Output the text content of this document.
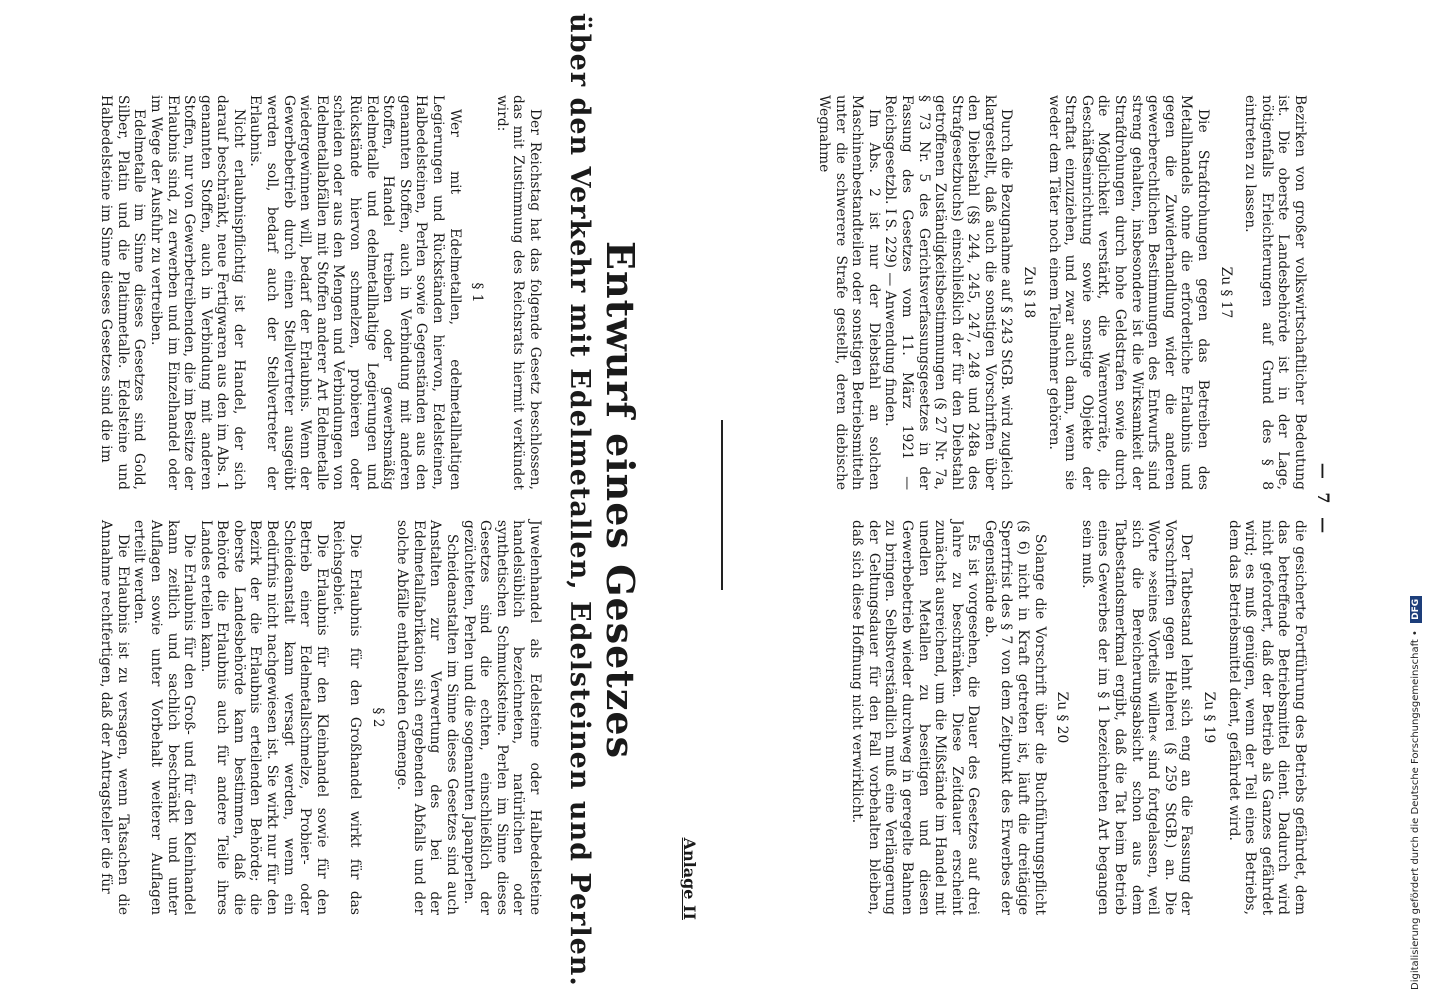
— 7 —

Bezirken von großer volkswirtschaftlicher Bedeutung ist. Die oberste Landesbehörde ist in der Lage, nötigenfalls Erleichterungen auf Grund des § 8 eintreten zu lassen.

Zu § 17

Die Strafdrohungen gegen das Betreiben des Metallhandels ohne die erforderliche Erlaubnis und gegen die Zuwiderhandlung wider die anderen gewerberechtlichen Bestimmungen des Entwurfs sind streng gehalten, insbesondere ist die Wirksamkeit der Strafdrohungen durch hohe Geldstrafen sowie durch die Möglichkeit verstärkt, die Warenvorräte, die Geschäftseinrichtung sowie sonstige Objekte der Straftat einzuziehen, und zwar auch dann, wenn sie weder dem Täter noch einem Teilnehmer gehören.

Zu § 18

Durch die Bezugnahme auf § 243 StGB. wird zugleich klargestellt, daß auch die sonstigen Vorschriften über den Diebstahl (§§ 244, 245, 247, 248 und 248a des Strafgesetzbuchs) einschließlich der für den Diebstahl getroffenen Zuständigkeitsbestimmungen (§ 27 Nr. 7a, § 73 Nr. 5 des Gerichtsverfassungsgesetzes in der Fassung des Gesetzes vom 11. März 1921 — Reichsgesetzbl. I S. 229) — Anwendung finden.

Im Abs. 2 ist nur der Diebstahl an solchen Maschinenbestandteilen oder sonstigen Betriebsmitteln unter die schwerere Strafe gestellt, deren diebische Wegnahme

die gesicherte Fortführung des Betriebs gefährdet, dem das betreffende Betriebsmittel dient. Dadurch wird nicht gefordert, daß der Betrieb als Ganzes gefährdet wird; es muß genügen, wenn der Teil eines Betriebs, dem das Betriebsmittel dient, gefährdet wird.

Zu § 19

Der Tatbestand lehnt sich eng an die Fassung der Vorschriften gegen Hehlerei (§ 259 StGB.) an. Die Worte »seines Vorteils willen« sind fortgelassen, weil sich die Bereicherungsabsicht schon aus dem Tatbestandsmerkmal ergibt, daß die Tat beim Betrieb eines Gewerbes der im § 1 bezeichneten Art begangen sein muß.

Zu § 20

Solange die Vorschrift über die Buchführungspflicht (§ 6) nicht in Kraft getreten ist, läuft die dreitägige Sperrfrist des § 7 von dem Zeitpunkt des Erwerbes der Gegenstände ab.

Es ist vorgesehen, die Dauer des Gesetzes auf drei Jahre zu beschränken. Diese Zeitdauer erscheint zunächst ausreichend, um die Mißstände im Handel mit unedlen Metallen zu beseitigen und diesen Gewerbebetrieb wieder durchweg in geregelte Bahnen zu bringen. Selbstverständlich muß eine Verlängerung der Geltungsdauer für den Fall vorbehalten bleiben, daß sich diese Hoffnung nicht verwirklicht.

Anlage II
Entwurf eines Gesetzes
über den Verkehr mit Edelmetallen, Edelsteinen und Perlen.

Der Reichstag hat das folgende Gesetz beschlossen, das mit Zustimmung des Reichsrats hiermit verkündet wird:

§ 1

Wer mit Edelmetallen, edelmetallhaltigen Legierungen und Rückständen hiervon, Edelsteinen, Halbedelsteinen, Perlen sowie Gegenständen aus den genannten Stoffen, auch in Verbindung mit anderen Stoffen, Handel treiben oder gewerbsmäßig Edelmetalle und edelmetallhaltige Legierungen und Rückstände hiervon schmelzen, probieren oder scheiden oder aus den Mengen und Verbindungen von Edelmetallabfällen mit Stoffen anderer Art Edelmetalle wiedergewinnen will, bedarf der Erlaubnis. Wenn der Gewerbebetrieb durch einen Stellvertreter ausgeübt werden soll, bedarf auch der Stellvertreter der Erlaubnis.

Nicht erlaubnispflichtig ist der Handel, der sich darauf beschränkt, neue Fertigwaren aus den im Abs. 1 genannten Stoffen, auch in Verbindung mit anderen Stoffen, nur von Gewerbetreibenden, die im Besitze der Erlaubnis sind, zu erwerben und im Einzelhandel oder im Wege der Ausfuhr zu vertreiben.

Edelmetalle im Sinne dieses Gesetzes sind Gold, Silber, Platin und die Platinmetalle. Edelsteine und Halbedelsteine im Sinne dieses Gesetzes sind die im

Juwelenhandel als Edelsteine oder Halbedelsteine handelsüblich bezeichneten, natürlichen oder synthetischen Schmucksteine. Perlen im Sinne dieses Gesetzes sind die echten, einschließlich der gezüchteten, Perlen und die sogenannten Japanperlen.

Scheideanstalten im Sinne dieses Gesetzes sind auch Anstalten zur Verwertung des bei der Edelmetallfabrikation sich ergebenden Abfalls und der solche Abfälle enthaltenden Gemenge.

§ 2

Die Erlaubnis für den Großhandel wirkt für das Reichsgebiet.

Die Erlaubnis für den Kleinhandel sowie für den Betrieb einer Edelmetallschmelze, Probier- oder Scheideanstalt kann versagt werden, wenn ein Bedürfnis nicht nachgewiesen ist. Sie wirkt nur für den Bezirk der die Erlaubnis erteilenden Behörde; die oberste Landesbehörde kann bestimmen, daß die Behörde die Erlaubnis auch für andere Teile ihres Landes erteilen kann.

Die Erlaubnis für den Groß- und für den Kleinhandel kann zeitlich und sachlich beschränkt und unter Auflagen sowie unter Vorbehalt weiterer Auflagen erteilt werden.

Die Erlaubnis ist zu versagen, wenn Tatsachen die Annahme rechtfertigen, daß der Antragsteller die für	Digitalisierung gefördert durch die Deutsche Forschungsgemeinschaft • DFG
